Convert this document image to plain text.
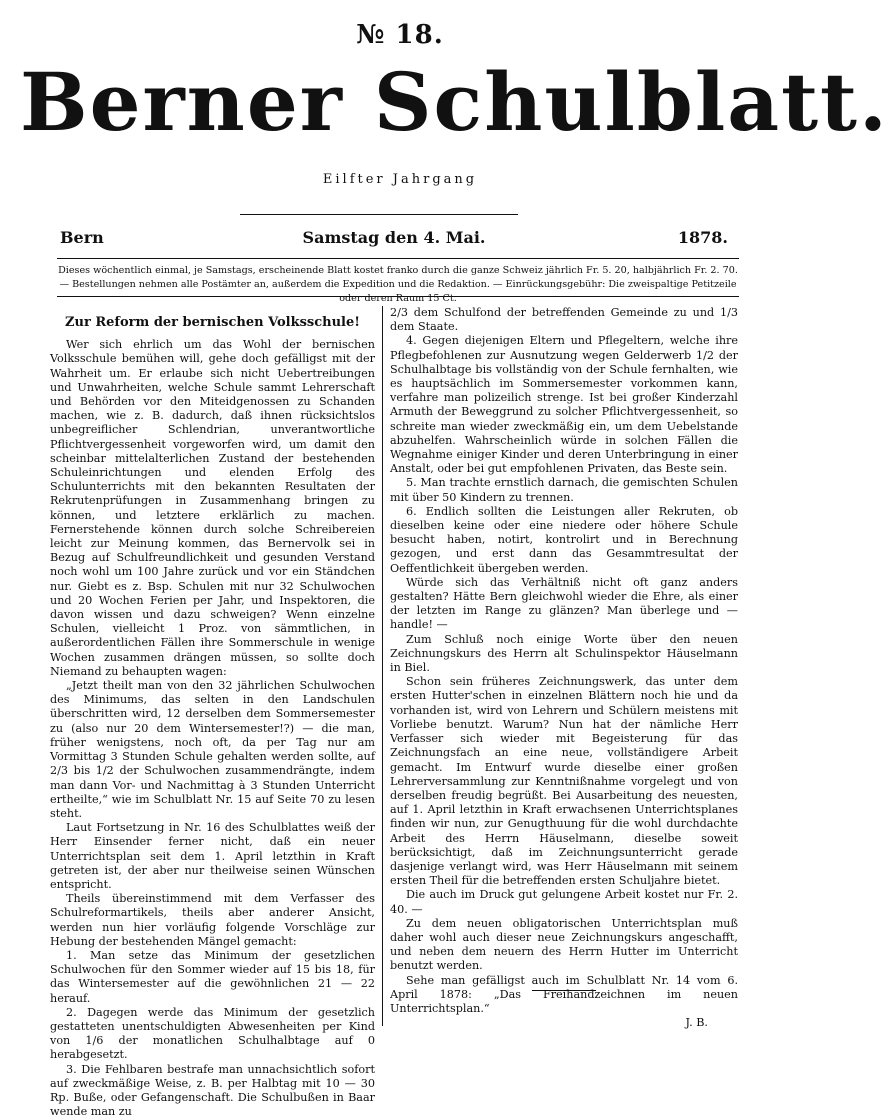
№ 18.
Berner Schulblatt.
Eilfter Jahrgang
Bern	Samstag den 4. Mai.	1878.
Dieses wöchentlich einmal, je Samstags, erscheinende Blatt kostet franko durch die ganze Schweiz jährlich Fr. 5. 20, halbjährlich Fr. 2. 70. — Bestellungen nehmen alle Postämter an, außerdem die Expedition und die Redaktion. — Einrückungsgebühr: Die zweispaltige Petitzeile oder deren Raum 15 Ct.
Zur Reform der bernischen Volksschule!

Wer sich ehrlich um das Wohl der bernischen Volksschule bemühen will, gehe doch gefälligst mit der Wahrheit um. Er erlaube sich nicht Uebertreibungen und Unwahrheiten, welche Schule sammt Lehrerschaft und Behörden vor den Miteidgenossen zu Schanden machen, wie z. B. dadurch, daß ihnen rücksichtslos unbegreiflicher Schlendrian, unverantwortliche Pflichtvergessenheit vorgeworfen wird, um damit den scheinbar mittelalterlichen Zustand der bestehenden Schuleinrichtungen und elenden Erfolg des Schulunterrichts mit den bekannten Resultaten der Rekrutenprüfungen in Zusammenhang bringen zu können, und letztere erklärlich zu machen. Fernerstehende können durch solche Schreibereien leicht zur Meinung kommen, das Bernervolk sei in Bezug auf Schulfreundlichkeit und gesunden Verstand noch wohl um 100 Jahre zurück und vor ein Ständchen nur. Giebt es z. Bsp. Schulen mit nur 32 Schulwochen und 20 Wochen Ferien per Jahr, und Inspektoren, die davon wissen und dazu schweigen? Wenn einzelne Schulen, vielleicht 1 Proz. von sämmtlichen, in außerordentlichen Fällen ihre Sommerschule in wenige Wochen zusammen drängen müssen, so sollte doch Niemand zu behaupten wagen:

„Jetzt theilt man von den 32 jährlichen Schulwochen des Minimums, das selten in den Landschulen überschritten wird, 12 derselben dem Sommersemester zu (also nur 20 dem Wintersemester!?) — die man, früher wenigstens, noch oft, da per Tag nur am Vormittag 3 Stunden Schule gehalten werden sollte, auf 2/3 bis 1/2 der Schulwochen zusammendrängte, indem man dann Vor- und Nachmittag à 3 Stunden Unterricht ertheilte,“ wie im Schulblatt Nr. 15 auf Seite 70 zu lesen steht.

Laut Fortsetzung in Nr. 16 des Schulblattes weiß der Herr Einsender ferner nicht, daß ein neuer Unterrichtsplan seit dem 1. April letzthin in Kraft getreten ist, der aber nur theilweise seinen Wünschen entspricht.

Theils übereinstimmend mit dem Verfasser des Schulreformartikels, theils aber anderer Ansicht, werden nun hier vorläufig folgende Vorschläge zur Hebung der bestehenden Mängel gemacht:

1. Man setze das Minimum der gesetzlichen Schulwochen für den Sommer wieder auf 15 bis 18, für das Wintersemester auf die gewöhnlichen 21 — 22 herauf.

2. Dagegen werde das Minimum der gesetzlich gestatteten unentschuldigten Abwesenheiten per Kind von 1/6 der monatlichen Schulhalbtage auf 0 herabgesetzt.

3. Die Fehlbaren bestrafe man unnachsichtlich sofort auf zweckmäßige Weise, z. B. per Halbtag mit 10 — 30 Rp. Buße, oder Gefangenschaft. Die Schulbußen in Baar wende man zu

2/3 dem Schulfond der betreffenden Gemeinde zu und 1/3 dem Staate.

4. Gegen diejenigen Eltern und Pflegeltern, welche ihre Pflegbefohlenen zur Ausnutzung wegen Gelderwerb 1/2 der Schulhalbtage bis vollständig von der Schule fernhalten, wie es hauptsächlich im Sommersemester vorkommen kann, verfahre man polizeilich strenge. Ist bei großer Kinderzahl Armuth der Beweggrund zu solcher Pflichtvergessenheit, so schreite man wieder zweckmäßig ein, um dem Uebelstande abzuhelfen. Wahrscheinlich würde in solchen Fällen die Wegnahme einiger Kinder und deren Unterbringung in einer Anstalt, oder bei gut empfohlenen Privaten, das Beste sein.

5. Man trachte ernstlich darnach, die gemischten Schulen mit über 50 Kindern zu trennen.

6. Endlich sollten die Leistungen aller Rekruten, ob dieselben keine oder eine niedere oder höhere Schule besucht haben, notirt, kontrolirt und in Berechnung gezogen, und erst dann das Gesammtresultat der Oeffentlichkeit übergeben werden.

Würde sich das Verhältniß nicht oft ganz anders gestalten? Hätte Bern gleichwohl wieder die Ehre, als einer der letzten im Range zu glänzen? Man überlege und — handle! —

Zum Schluß noch einige Worte über den neuen Zeichnungskurs des Herrn alt Schulinspektor Häuselmann in Biel.

Schon sein früheres Zeichnungswerk, das unter dem ersten Hutter'schen in einzelnen Blättern noch hie und da vorhanden ist, wird von Lehrern und Schülern meistens mit Vorliebe benutzt. Warum? Nun hat der nämliche Herr Verfasser sich wieder mit Begeisterung für das Zeichnungsfach an eine neue, vollständigere Arbeit gemacht. Im Entwurf wurde dieselbe einer großen Lehrerversammlung zur Kenntnißnahme vorgelegt und von derselben freudig begrüßt. Bei Ausarbeitung des neuesten, auf 1. April letzthin in Kraft erwachsenen Unterrichtsplanes finden wir nun, zur Genugthuung für die wohl durchdachte Arbeit des Herrn Häuselmann, dieselbe soweit berücksichtigt, daß im Zeichnungsunterricht gerade dasjenige verlangt wird, was Herr Häuselmann mit seinem ersten Theil für die betreffenden ersten Schuljahre bietet.

Die auch im Druck gut gelungene Arbeit kostet nur Fr. 2. 40. —

Zu dem neuen obligatorischen Unterrichtsplan muß daher wohl auch dieser neue Zeichnungskurs angeschafft, und neben dem neuern des Herrn Hutter im Unterricht benutzt werden.

Sehe man gefälligst auch im Schulblatt Nr. 14 vom 6. April 1878: „Das Freihandzeichnen im neuen Unterrichtsplan.“

J. B.
